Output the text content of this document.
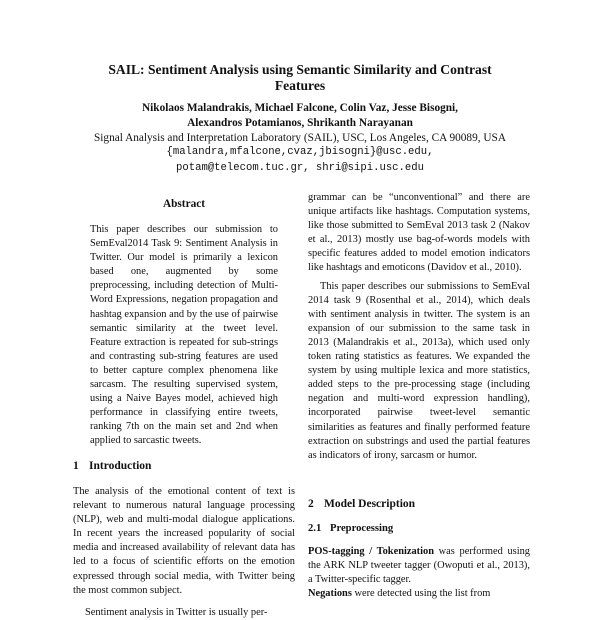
SAIL: Sentiment Analysis using Semantic Similarity and Contrast Features
Nikolaos Malandrakis, Michael Falcone, Colin Vaz, Jesse Bisogni,
Alexandros Potamianos, Shrikanth Narayanan
Signal Analysis and Interpretation Laboratory (SAIL), USC, Los Angeles, CA 90089, USA
{malandra,mfalcone,cvaz,jbisogni}@usc.edu,
potam@telecom.tuc.gr, shri@sipi.usc.edu
Abstract
This paper describes our submission to SemEval2014 Task 9: Sentiment Analysis in Twitter. Our model is primarily a lexicon based one, augmented by some preprocessing, including detection of Multi-Word Expressions, negation propagation and hashtag expansion and by the use of pairwise semantic similarity at the tweet level. Feature extraction is repeated for sub-strings and contrasting sub-string features are used to better capture complex phenomena like sarcasm. The resulting supervised system, using a Naive Bayes model, achieved high performance in classifying entire tweets, ranking 7th on the main set and 2nd when applied to sarcastic tweets.
1 Introduction

The analysis of the emotional content of text is relevant to numerous natural language processing (NLP), web and multi-modal dialogue applications. In recent years the increased popularity of social media and increased availability of relevant data has led to a focus of scientific efforts on the emotion expressed through social media, with Twitter being the most common subject.

Sentiment analysis in Twitter is usually per-

grammar can be “unconventional” and there are unique artifacts like hashtags. Computation systems, like those submitted to SemEval 2013 task 2 (Nakov et al., 2013) mostly use bag-of-words models with specific features added to model emotion indicators like hashtags and emoticons (Davidov et al., 2010).

This paper describes our submissions to SemEval 2014 task 9 (Rosenthal et al., 2014), which deals with sentiment analysis in twitter. The system is an expansion of our submission to the same task in 2013 (Malandrakis et al., 2013a), which used only token rating statistics as features. We expanded the system by using multiple lexica and more statistics, added steps to the pre-processing stage (including negation and multi-word expression handling), incorporated pairwise tweet-level semantic similarities as features and finally performed feature extraction on substrings and used the partial features as indicators of irony, sarcasm or humor.

2 Model Description
2.1 Preprocessing

POS-tagging / Tokenization was performed using the ARK NLP tweeter tagger (Owoputi et al., 2013), a Twitter-specific tagger.

Negations were detected using the list from
